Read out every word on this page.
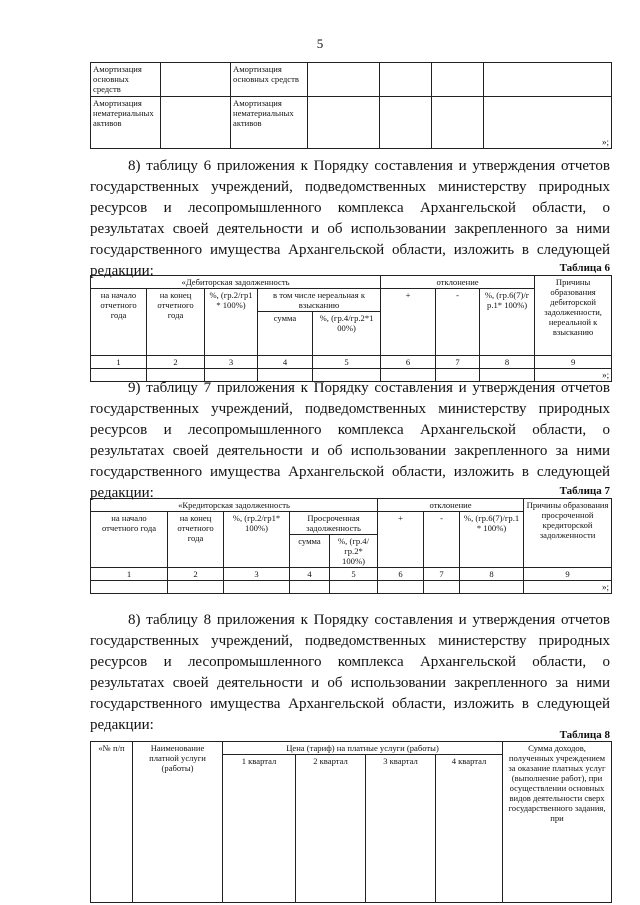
5
Амортизация основных средств		Амортизация основных средств				
Амортизация нематериальных активов		Амортизация нематериальных активов				»;
8) таблицу 6 приложения к Порядку составления и утверждения отчетов государственных учреждений, подведомственных министерству природных ресурсов и лесопромышленного комплекса Архангельской области, о результатах своей деятельности и об использовании закрепленного за ними государственного имущества Архангельской области, изложить в следующей редакции:	Таблица 6
«Дебиторская задолженность					отклонение			Причины образования дебиторской задолженности, нереальной к взысканию
на начало отчетного года	на конец отчетного года	%, (гр.2/гр1 * 100%)	в том числе нереальная к взысканию		+	-	%, (гр.6(7)/г р.1* 100%)	
			сумма	%, (гр.4/гр.2*1 00%)				
1	2	3	4	5	6	7	8	9

								»;
9) таблицу 7 приложения к Порядку составления и утверждения отчетов государственных учреждений, подведомственных министерству природных ресурсов и лесопромышленного комплекса Архангельской области, о результатах своей деятельности и об использовании закрепленного за ними государственного имущества Архангельской области, изложить в следующей редакции:	Таблица 7
«Кредиторская задолженность					отклонение			Причины образования просроченной кредиторской задолженности
на начало отчетного года	на конец отчетного года	%, (гр.2/гр1* 100%)	Просроченная задолженность		+	-	%, (гр.6(7)/гр.1 * 100%)	
			сумма	%, (гр.4/гр.2* 100%)				
1	2	3	4	5	6	7	8	9

								»;
8) таблицу 8 приложения к Порядку составления и утверждения отчетов государственных учреждений, подведомственных министерству природных ресурсов и лесопромышленного комплекса Архангельской области, о результатах своей деятельности и об использовании закрепленного за ними государственного имущества Архангельской области, изложить в следующей редакции:
Таблица 8
«№ п/п	Наименование платной услуги (работы)	Цена (тариф) на платные услуги (работы)				Сумма доходов, полученных учреждением за оказание платных услуг (выполнение работ), при осуществлении основных видов деятельности сверх государственного задания, при
		1 квартал	2 квартал	3 квартал	4 квартал	
